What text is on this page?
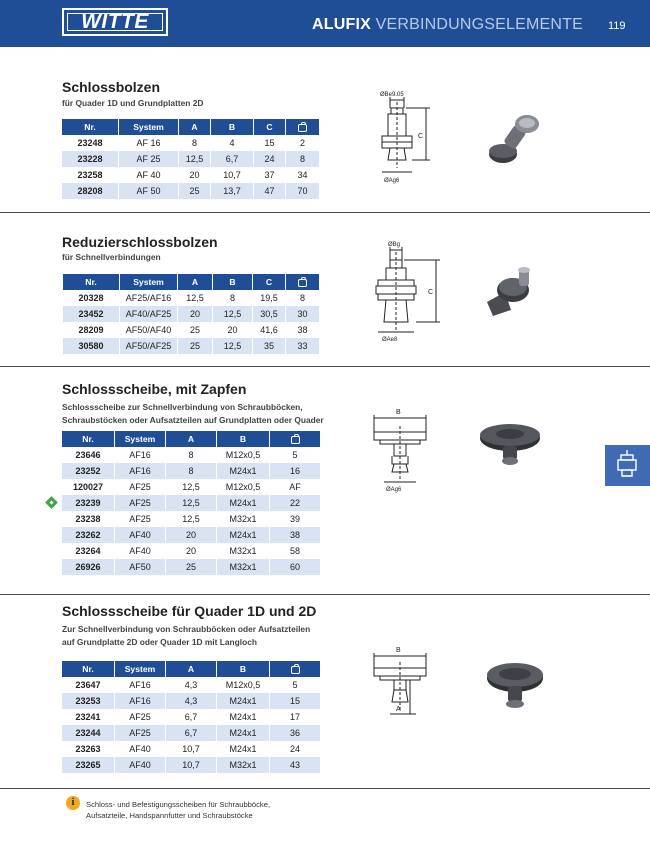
WITTE	ALUFIX VERBINDUNGSELEMENTE 119
Schlossbolzen
für Quader 1D und Grundplatten 2D
Nr.	System	A	B	C	
23248	AF 16	8	4	15	2
23228	AF 25	12,5	6,7	24	8
23258	AF 40	20	10,7	37	34
28208	AF 50	25	13,7	47	70
ØBe9.05
C
ØAg6
Reduzierschlossbolzen
für Schnellverbindungen
Nr.	System	A	B	C	
20328	AF25/AF16	12,5	8	19,5	8
23452	AF40/AF25	20	12,5	30,5	30
28209	AF50/AF40	25	20	41,6	38
30580	AF50/AF25	25	12,5	35	33
ØBg
C
ØAe8
Schlossscheibe, mit Zapfen
Schlossscheibe zur Schnellverbindung von Schraubböcken,
Schraubstöcken oder Aufsatzteilen auf Grundplatten oder Quader
Nr.	System	A	B	
23646	AF16	8	M12x0,5	5
23252	AF16	8	M24x1	16
120027	AF25	12,5	M12x0,5	AF
23239	AF25	12,5	M24x1	22
23238	AF25	12,5	M32x1	39
23262	AF40	20	M24x1	38
23264	AF40	20	M32x1	58
26926	AF50	25	M32x1	60
B
ØAg6
Schlossscheibe für Quader 1D und 2D
Zur Schnellverbindung von Schraubböcken oder Aufsatzteilen
auf Grundplatte 2D oder Quader 1D mit Langloch
Nr.	System	A	B	
23647	AF16	4,3	M12x0,5	5
23253	AF16	4,3	M24x1	15
23241	AF25	6,7	M24x1	17
23244	AF25	6,7	M24x1	36
23263	AF40	10,7	M24x1	24
23265	AF40	10,7	M32x1	43
B
A
i	Schloss- und Befestigungsscheiben für Schraubböcke,
Aufsatzteile, Handspannfutter und Schraubstöcke
